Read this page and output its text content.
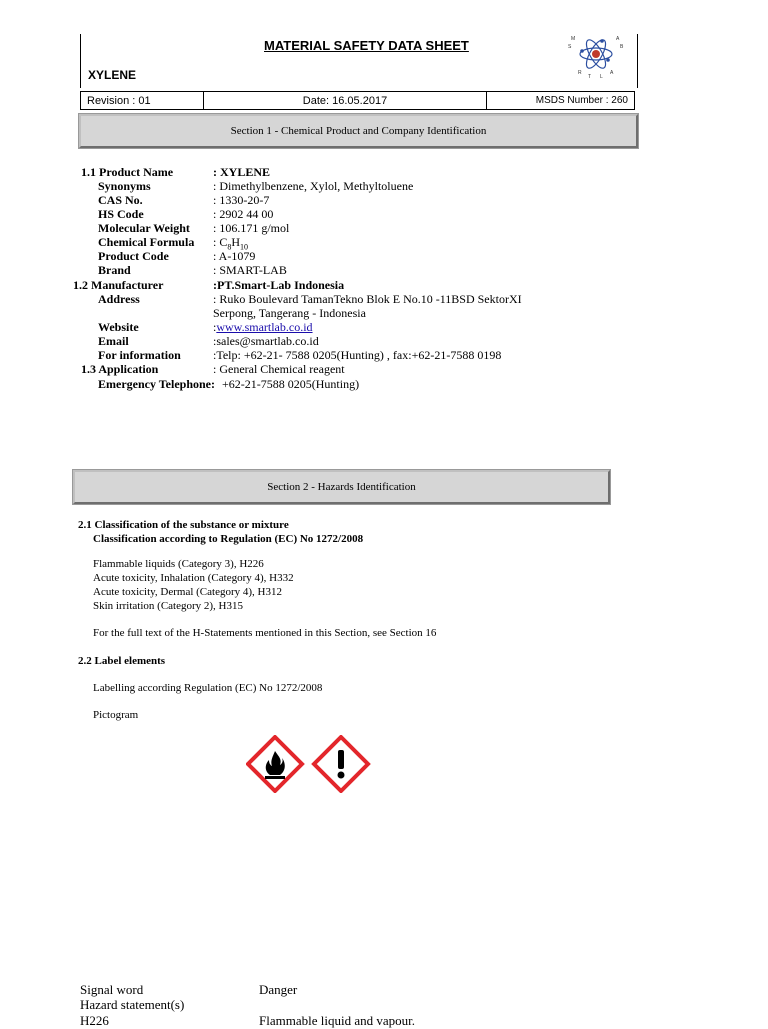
MATERIAL SAFETY DATA SHEET
XYLENE
S
M	A
B
R
T L
A
Revision : 01	Date: 16.05.2017	MSDS Number : 260
Section 1 - Chemical Product and Company Identification
1.1 Product Name	: XYLENE
Synonyms	: Dimethylbenzene, Xylol, Methyltoluene
CAS No.	: 1330-20-7
HS Code	: 2902 44 00
Molecular Weight : 106.171 g/mol
Chemical Formula : $C_8H_{10}$
Product Code	: A-1079
Brand	: SMART-LAB
1.2 Manufacturer	:PT.Smart-Lab Indonesia
Address	: Ruko Boulevard TamanTekno Blok E No.10 -11BSD SektorXI
Serpong, Tangerang - Indonesia
Website	:www.smartlab.co.id
Email	:sales@smartlab.co.id
For information	:Telp: +62-21- 7588 0205(Hunting) , fax:+62-21-7588 0198
1.3 Application	: General Chemical reagent
Emergency Telephone: +62-21-7588 0205(Hunting)
Section 2 - Hazards Identification
2.1 Classification of the substance or mixture
Classification according to Regulation (EC) No 1272/2008
Flammable liquids (Category 3), H226
Acute toxicity, Inhalation (Category 4), H332
Acute toxicity, Dermal (Category 4), H312
Skin irritation (Category 2), H315
For the full text of the H-Statements mentioned in this Section, see Section 16
2.2 Label elements
Labelling according Regulation (EC) No 1272/2008
Pictogram
Signal word	Danger
Hazard statement(s)
H226	Flammable liquid and vapour.
